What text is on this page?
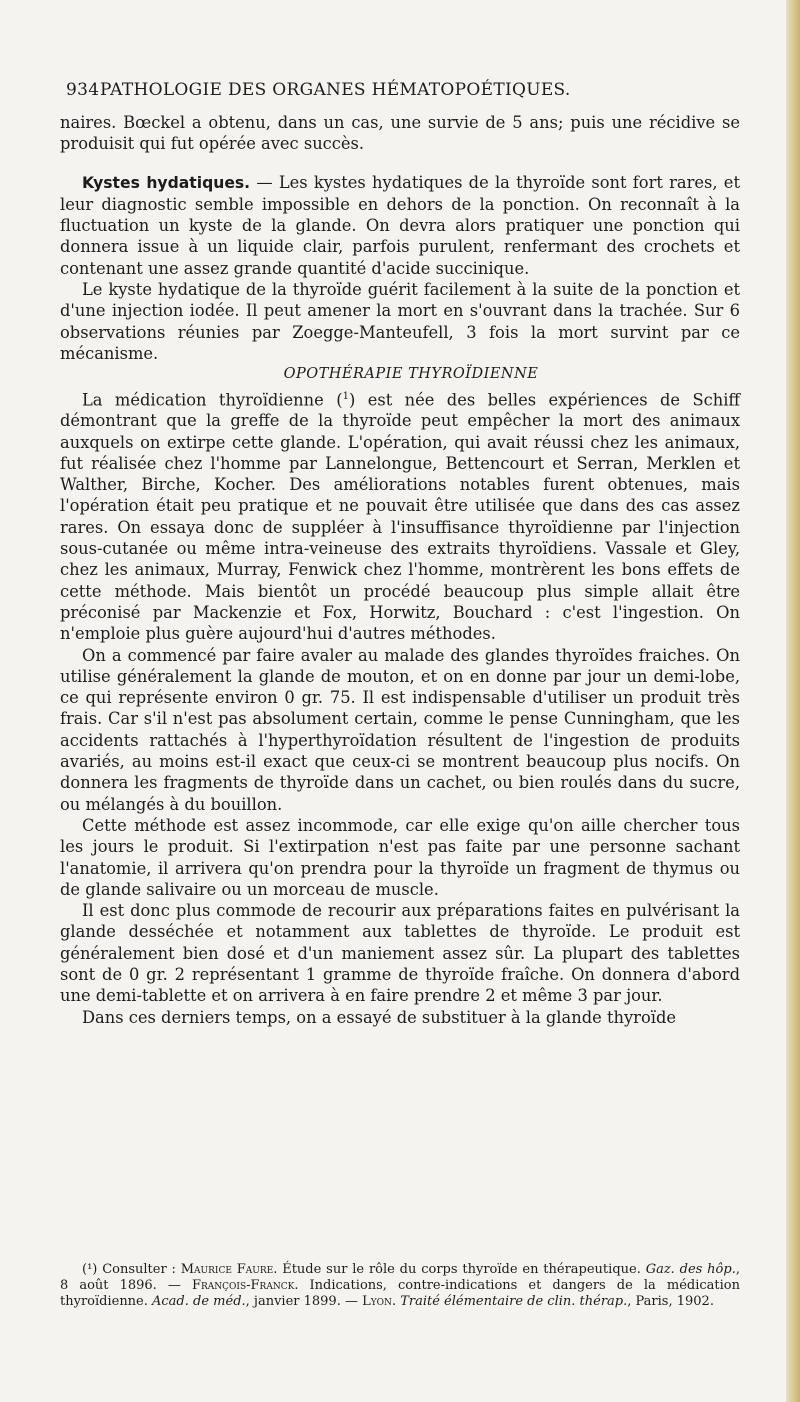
934 PATHOLOGIE DES ORGANES HÉMATOPOÉTIQUES.

naires. Bœckel a obtenu, dans un cas, une survie de 5 ans; puis une récidive se produisit qui fut opérée avec succès.

Kystes hydatiques. — Les kystes hydatiques de la thyroïde sont fort rares, et leur diagnostic semble impossible en dehors de la ponction. On reconnaît à la fluctuation un kyste de la glande. On devra alors pratiquer une ponction qui donnera issue à un liquide clair, parfois purulent, renfermant des crochets et contenant une assez grande quantité d'acide succinique.

Le kyste hydatique de la thyroïde guérit facilement à la suite de la ponction et d'une injection iodée. Il peut amener la mort en s'ouvrant dans la trachée. Sur 6 observations réunies par Zoegge-Manteufell, 3 fois la mort survint par ce mécanisme.

OPOTHÉRAPIE THYROÏDIENNE

La médication thyroïdienne ($^1$) est née des belles expériences de Schiff démontrant que la greffe de la thyroïde peut empêcher la mort des animaux auxquels on extirpe cette glande. L'opération, qui avait réussi chez les animaux, fut réalisée chez l'homme par Lannelongue, Bettencourt et Serran, Merklen et Walther, Birche, Kocher. Des améliorations notables furent obtenues, mais l'opération était peu pratique et ne pouvait être utilisée que dans des cas assez rares. On essaya donc de suppléer à l'insuffisance thyroïdienne par l'injection sous-cutanée ou même intra-veineuse des extraits thyroïdiens. Vassale et Gley, chez les animaux, Murray, Fenwick chez l'homme, montrèrent les bons effets de cette méthode. Mais bientôt un procédé beaucoup plus simple allait être préconisé par Mackenzie et Fox, Horwitz, Bouchard : c'est l'ingestion. On n'emploie plus guère aujourd'hui d'autres méthodes.

On a commencé par faire avaler au malade des glandes thyroïdes fraiches. On utilise généralement la glande de mouton, et on en donne par jour un demi-lobe, ce qui représente environ 0 gr. 75. Il est indispensable d'utiliser un produit très frais. Car s'il n'est pas absolument certain, comme le pense Cunningham, que les accidents rattachés à l'hyperthyroïdation résultent de l'ingestion de produits avariés, au moins est-il exact que ceux-ci se montrent beaucoup plus nocifs. On donnera les fragments de thyroïde dans un cachet, ou bien roulés dans du sucre, ou mélangés à du bouillon.

Cette méthode est assez incommode, car elle exige qu'on aille chercher tous les jours le produit. Si l'extirpation n'est pas faite par une personne sachant l'anatomie, il arrivera qu'on prendra pour la thyroïde un fragment de thymus ou de glande salivaire ou un morceau de muscle.

Il est donc plus commode de recourir aux préparations faites en pulvérisant la glande desséchée et notamment aux tablettes de thyroïde. Le produit est généralement bien dosé et d'un maniement assez sûr. La plupart des tablettes sont de 0 gr. 2 représentant 1 gramme de thyroïde fraîche. On donnera d'abord une demi-tablette et on arrivera à en faire prendre 2 et même 3 par jour.

Dans ces derniers temps, on a essayé de substituer à la glande thyroïde

(¹) Consulter : Maurice Faure. Étude sur le rôle du corps thyroïde en thérapeutique. Gaz. des hôp., 8 août 1896. — François-Franck. Indications, contre-indications et dangers de la médication thyroïdienne. Acad. de méd., janvier 1899. — Lyon. Traité élémentaire de clin. thérap., Paris, 1902.
